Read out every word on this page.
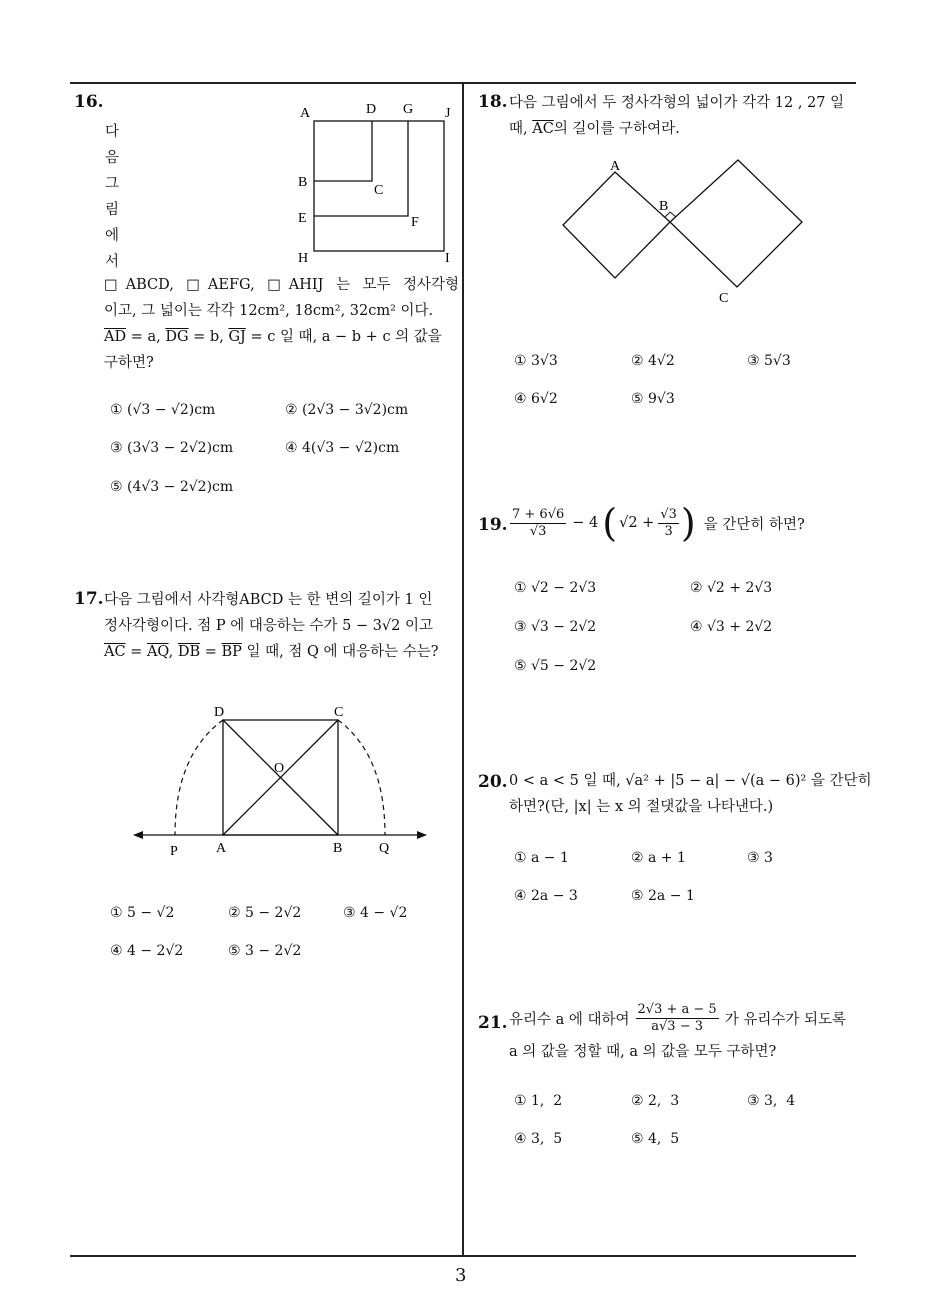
3
16.
다
음
그
림
에
서
A	D G J
B
C
E	F
H	I
□ABCD, □AEFG, □AHIJ 는 모두 정사각형
이고, 그 넓이는 각각 12cm², 18cm², 32cm² 이다.
$\overline{AD} = a$, $\overline{DG} = b$, $\overline{GJ} = c$ 일 때, a − b + c 의 값을
구하면?
① (√3 − √2)cm	② (2√3 − 3√2)cm
③ (3√3 − 2√2)cm	④ 4(√3 − √2)cm
⑤ (4√3 − 2√2)cm
17. 다음 그림에서 사각형ABCD 는 한 변의 길이가 1 인
정사각형이다. 점 P 에 대응하는 수가 5 − 3√2 이고
$\overline{AC} = \overline{AQ}$, $\overline{DB} = \overline{BP}$ 일 때, 점 Q 에 대응하는 수는?
D	C
O
P	A	B	Q
① 5 − √2	② 5 − 2√2	③ 4 − √2
④ 4 − 2√2	⑤ 3 − 2√2
18. 다음 그림에서 두 정사각형의 넓이가 각각 12 , 27 일
때, $\overline{AC}$의 길이를 구하여라.
A
B
C
① 3√3	② 4√2	③ 5√3
④ 6√2	⑤ 9√3
19. $\frac{7 + 6√6}{√3} - 4$ ( $√2 + \frac{√3}{3}$ ) 을 간단히 하면?
① √2 − 2√3	② √2 + 2√3
③ √3 − 2√2	④ √3 + 2√2
⑤ √5 − 2√2
20. 0 < a < 5 일 때, √a² + |5 − a| − √(a − 6)² 을 간단히
하면?(단, |x| 는 x 의 절댓값을 나타낸다.)
① a − 1	② a + 1	③ 3
④ 2a − 3	⑤ 2a − 1
21. 유리수 a 에 대하여 $\frac{2√3 + a - 5}{a√3 - 3}$ 가 유리수가 되도록
a 의 값을 정할 때, a 의 값을 모두 구하면?
① 1,  2	② 2,  3	③ 3,  4
④ 3,  5	⑤ 4,  5
